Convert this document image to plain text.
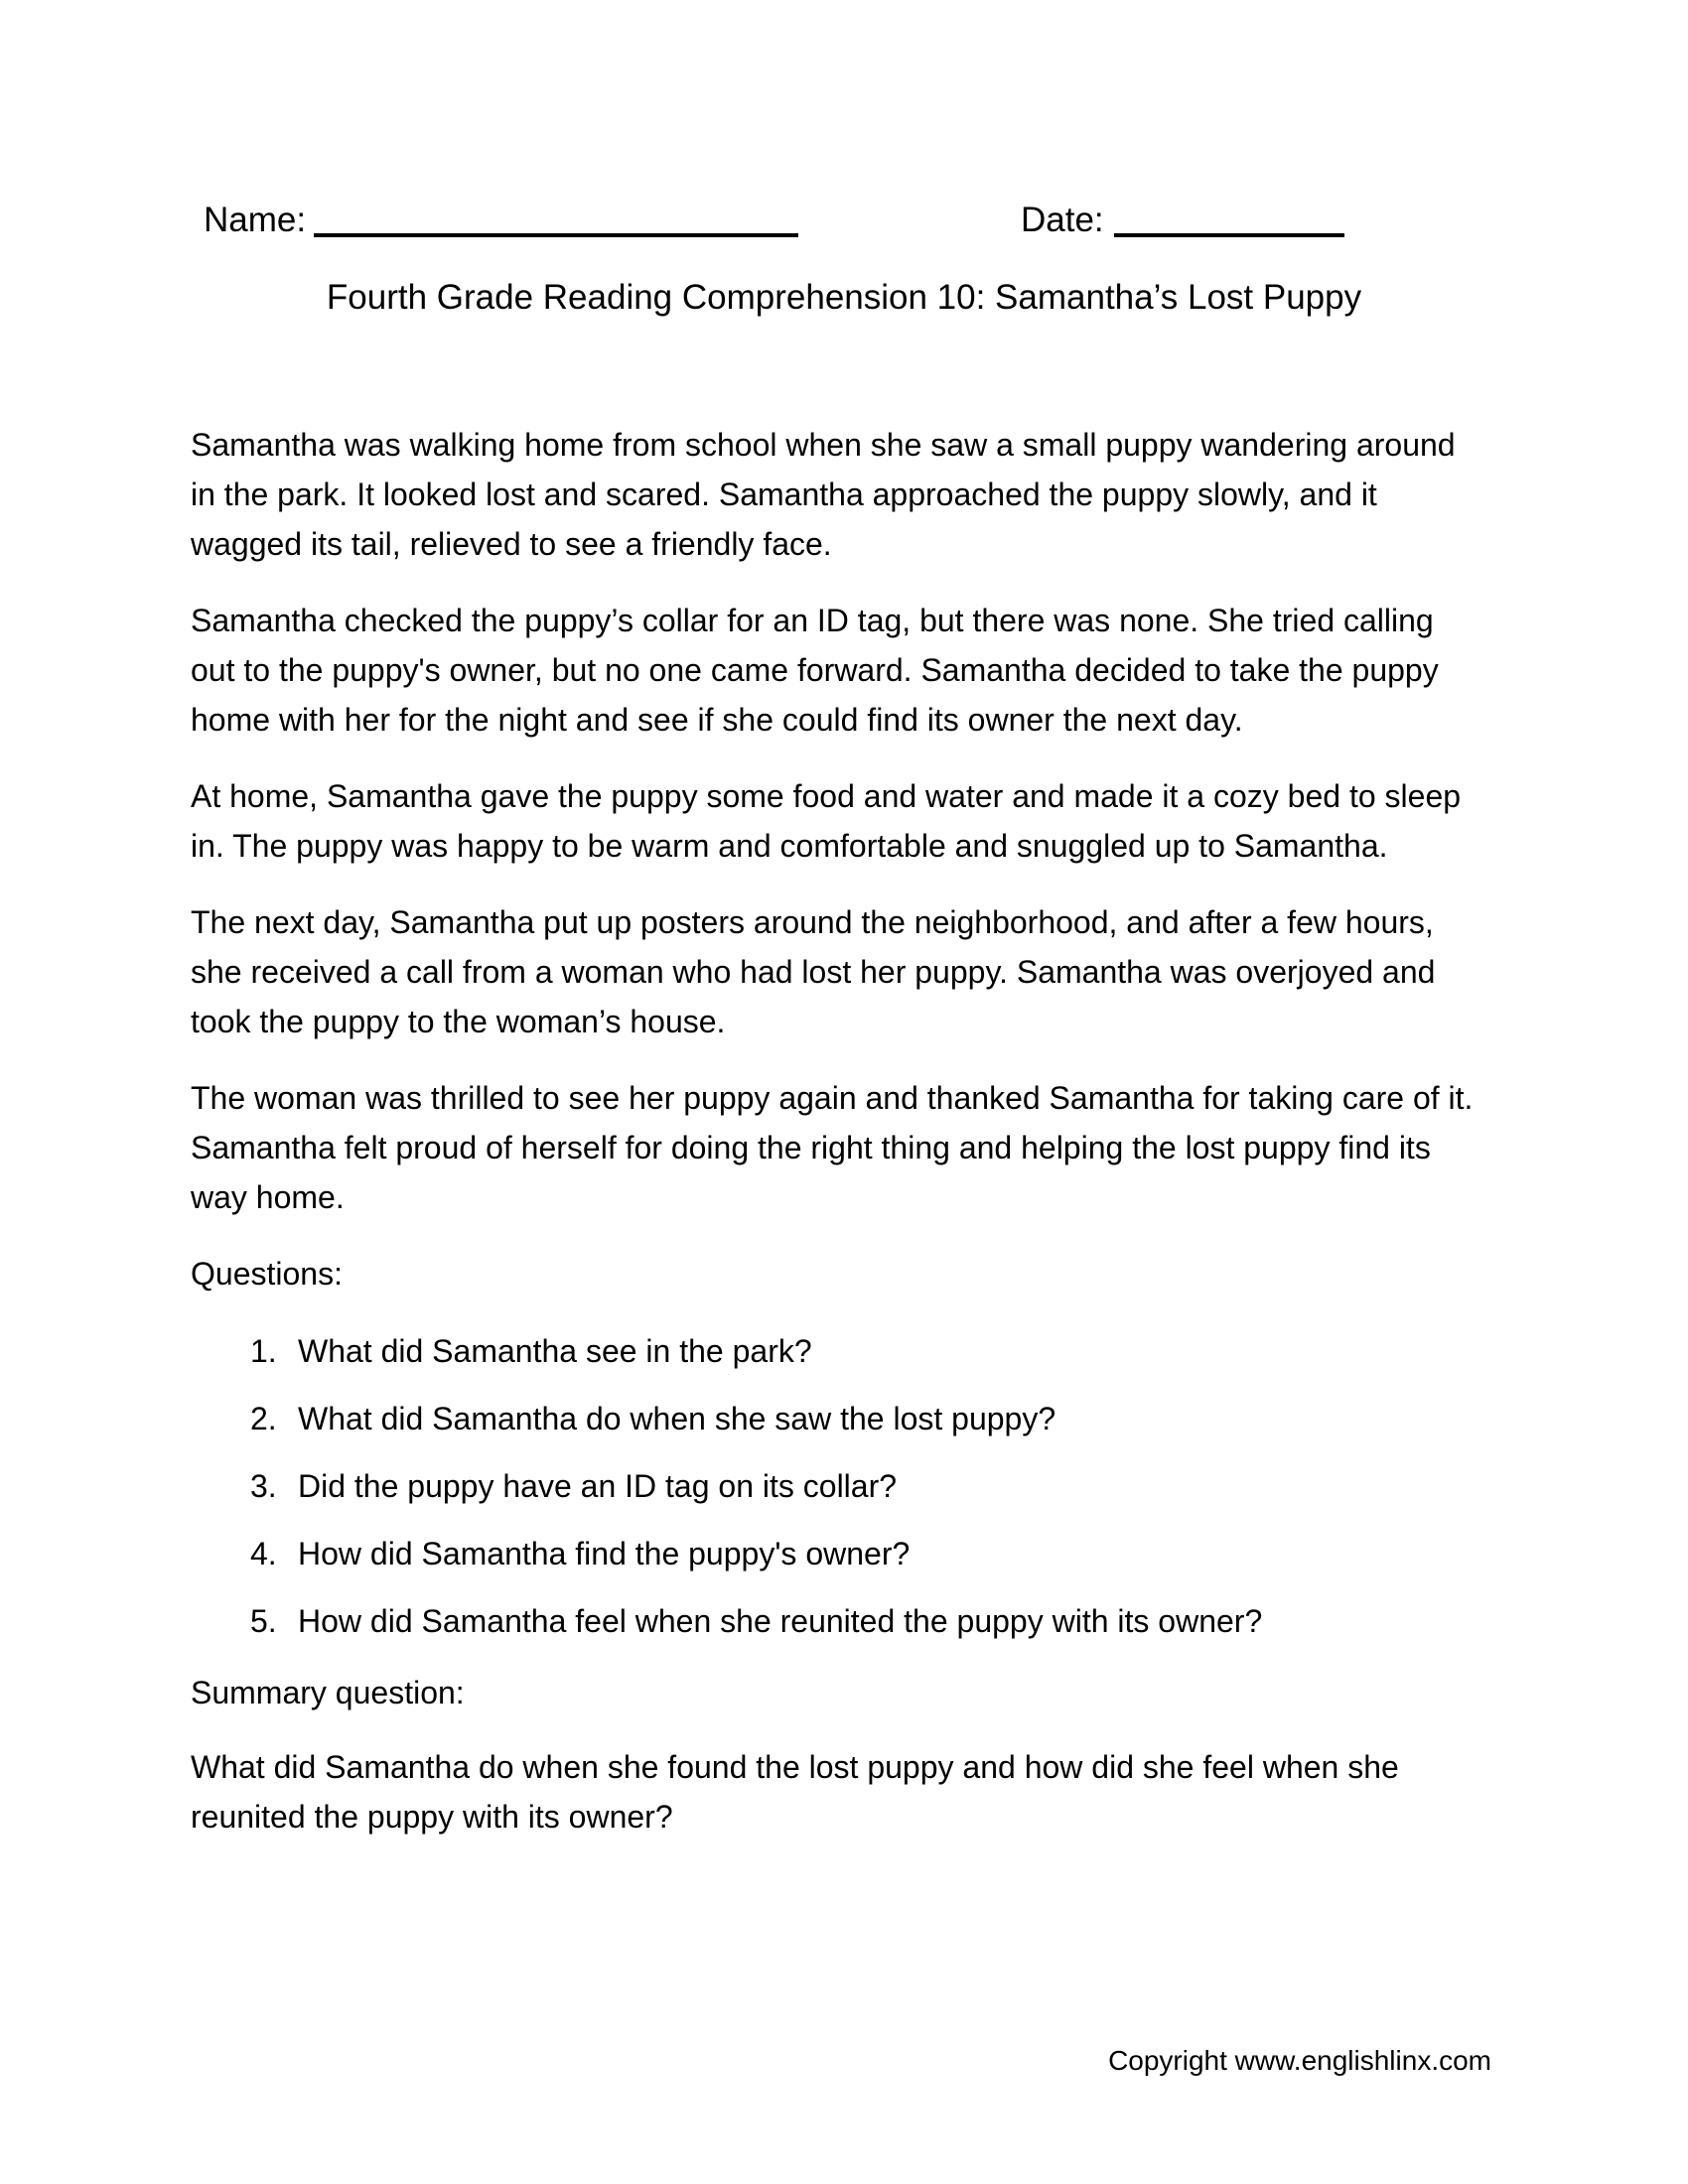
Name:	Date:
Fourth Grade Reading Comprehension 10: Samantha’s Lost Puppy

Samantha was walking home from school when she saw a small puppy wandering around in the park. It looked lost and scared. Samantha approached the puppy slowly, and it wagged its tail, relieved to see a friendly face.

Samantha checked the puppy’s collar for an ID tag, but there was none. She tried calling out to the puppy's owner, but no one came forward. Samantha decided to take the puppy home with her for the night and see if she could find its owner the next day.

At home, Samantha gave the puppy some food and water and made it a cozy bed to sleep in. The puppy was happy to be warm and comfortable and snuggled up to Samantha.

The next day, Samantha put up posters around the neighborhood, and after a few hours, she received a call from a woman who had lost her puppy. Samantha was overjoyed and took the puppy to the woman’s house.

The woman was thrilled to see her puppy again and thanked Samantha for taking care of it. Samantha felt proud of herself for doing the right thing and helping the lost puppy find its way home.

Questions:
1. What did Samantha see in the park?
2. What did Samantha do when she saw the lost puppy?
3. Did the puppy have an ID tag on its collar?
4. How did Samantha find the puppy's owner?
5. How did Samantha feel when she reunited the puppy with its owner?
Summary question:

What did Samantha do when she found the lost puppy and how did she feel when she reunited the puppy with its owner?

Copyright www.englishlinx.com
